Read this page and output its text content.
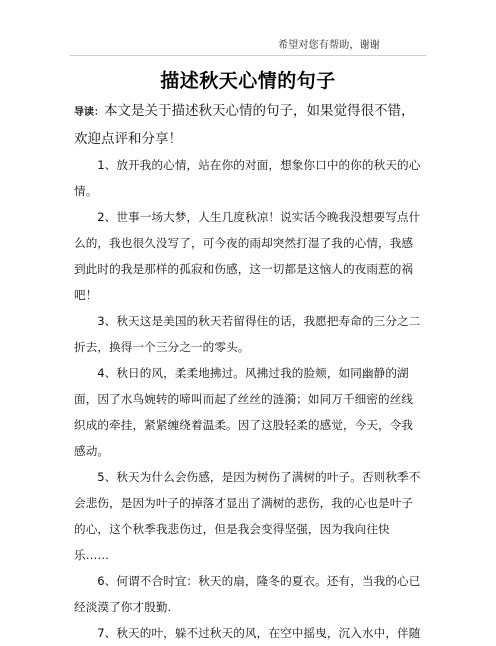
希望对您有帮助，谢谢
描述秋天心情的句子

导读：本文是关于描述秋天心情的句子，如果觉得很不错，欢迎点评和分享！

1、放开我的心情，站在你的对面，想象你口中的你的秋天的心情。

2、世事一场大梦，人生几度秋凉！说实话今晚我没想要写点什么的，我也很久没写了，可今夜的雨却突然打湿了我的心情，我感到此时的我是那样的孤寂和伤感，这一切都是这恼人的夜雨惹的祸吧！

3、秋天这是美国的秋天若留得住的话，我愿把寿命的三分之二折去，换得一个三分之一的零头。

4、秋日的风，柔柔地拂过。风拂过我的脸颊，如同幽静的湖面，因了水鸟婉转的啼叫而起了丝丝的涟漪；如同万千细密的丝线织成的牵挂，紧紧缠绕着温柔。因了这股轻柔的感觉，今天，令我感动。

5、秋天为什么会伤感，是因为树伤了满树的叶子。否则秋季不会悲伤，是因为叶子的掉落才显出了满树的悲伤，我的心也是叶子的心，这个秋季我悲伤过，但是我会变得坚强，因为我向往快乐……

6、何谓不合时宜：秋天的扇，隆冬的夏衣。还有，当我的心已经淡漠了你才殷勤.

7、秋天的叶，躲不过秋天的风，在空中摇曳，沉入水中，伴随
